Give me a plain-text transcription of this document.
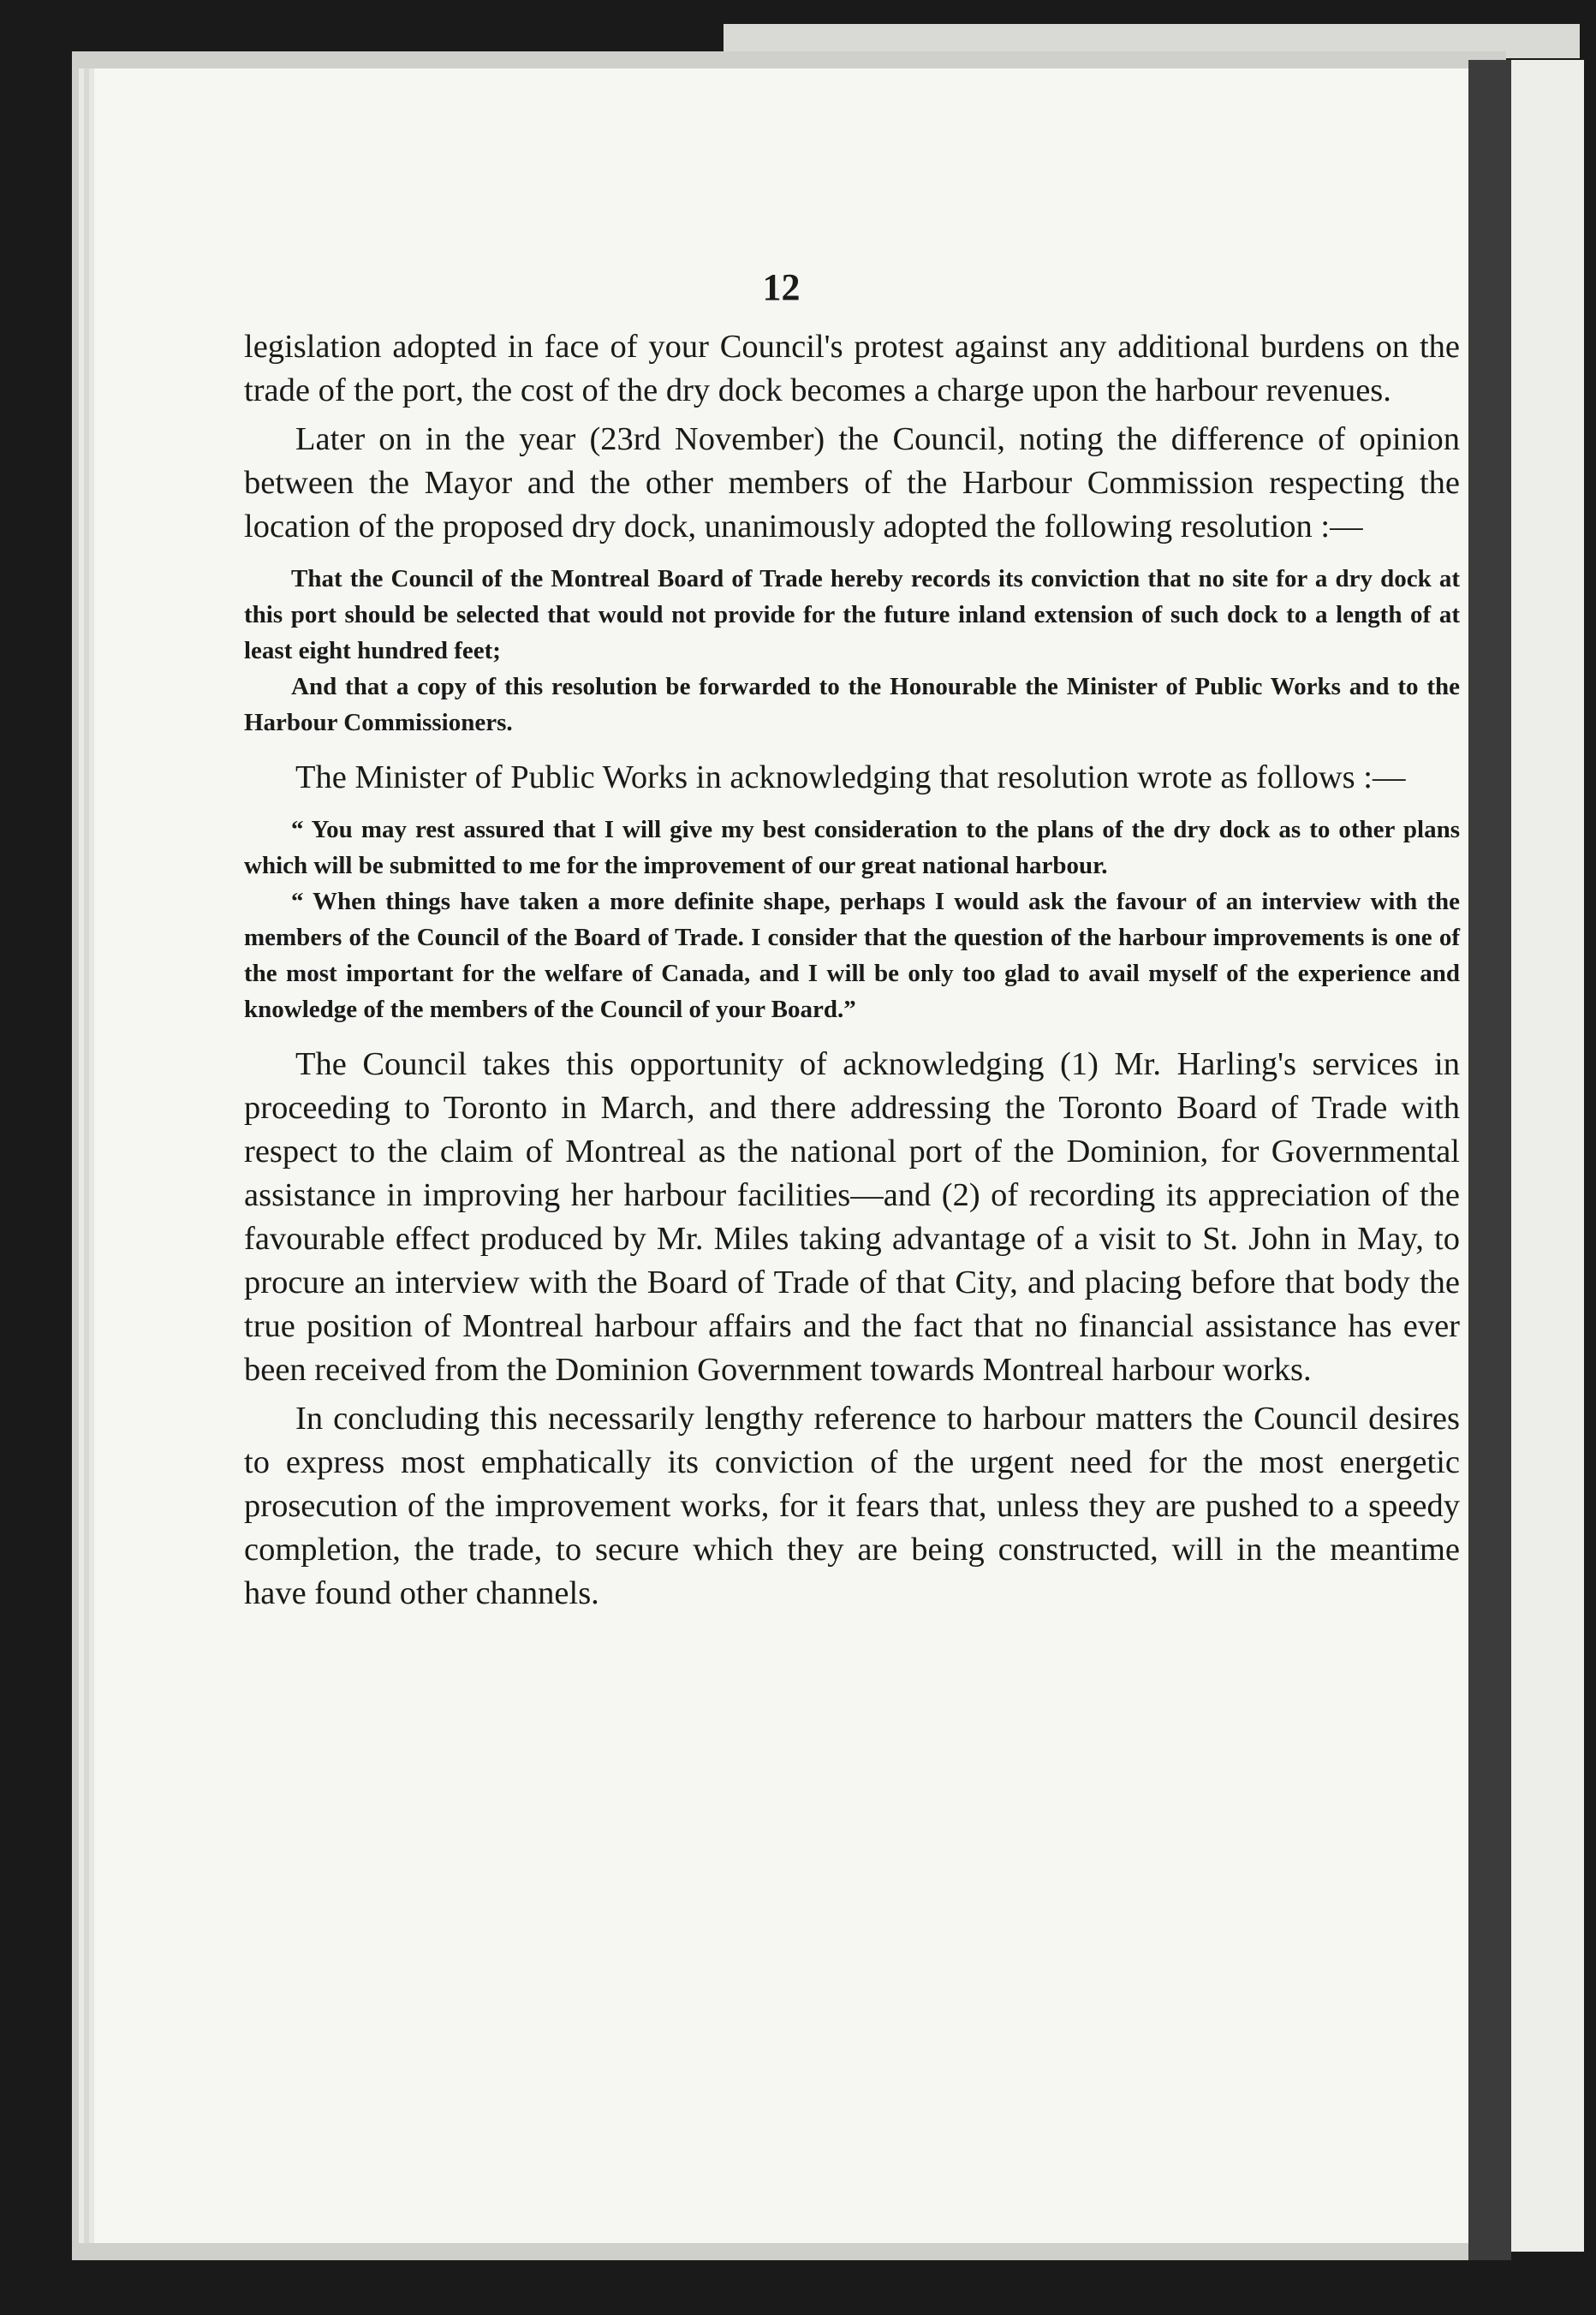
12

legislation adopted in face of your Council's protest against any additional burdens on the trade of the port, the cost of the dry dock becomes a charge upon the harbour revenues.

Later on in the year (23rd November) the Council, noting the difference of opinion between the Mayor and the other members of the Harbour Commission respecting the location of the proposed dry dock, unanimously adopted the following resolution :—

That the Council of the Montreal Board of Trade hereby records its conviction that no site for a dry dock at this port should be selected that would not provide for the future inland extension of such dock to a length of at least eight hundred feet;

And that a copy of this resolution be forwarded to the Honourable the Minister of Public Works and to the Harbour Commissioners.

The Minister of Public Works in acknowledging that resolution wrote as follows :—

“ You may rest assured that I will give my best consideration to the plans of the dry dock as to other plans which will be submitted to me for the improvement of our great national harbour.

“ When things have taken a more definite shape, perhaps I would ask the favour of an interview with the members of the Council of the Board of Trade. I consider that the question of the harbour improvements is one of the most important for the welfare of Canada, and I will be only too glad to avail myself of the experience and knowledge of the members of the Council of your Board.”

The Council takes this opportunity of acknowledging (1) Mr. Harling's services in proceeding to Toronto in March, and there addressing the Toronto Board of Trade with respect to the claim of Montreal as the national port of the Dominion, for Governmental assistance in improving her harbour facilities—and (2) of recording its appreciation of the favourable effect produced by Mr. Miles taking advantage of a visit to St. John in May, to procure an interview with the Board of Trade of that City, and placing before that body the true position of Montreal harbour affairs and the fact that no financial assistance has ever been received from the Dominion Government towards Montreal harbour works.

In concluding this necessarily lengthy reference to harbour matters the Council desires to express most emphatically its conviction of the urgent need for the most energetic prosecution of the improvement works, for it fears that, unless they are pushed to a speedy completion, the trade, to secure which they are being constructed, will in the meantime have found other channels.
